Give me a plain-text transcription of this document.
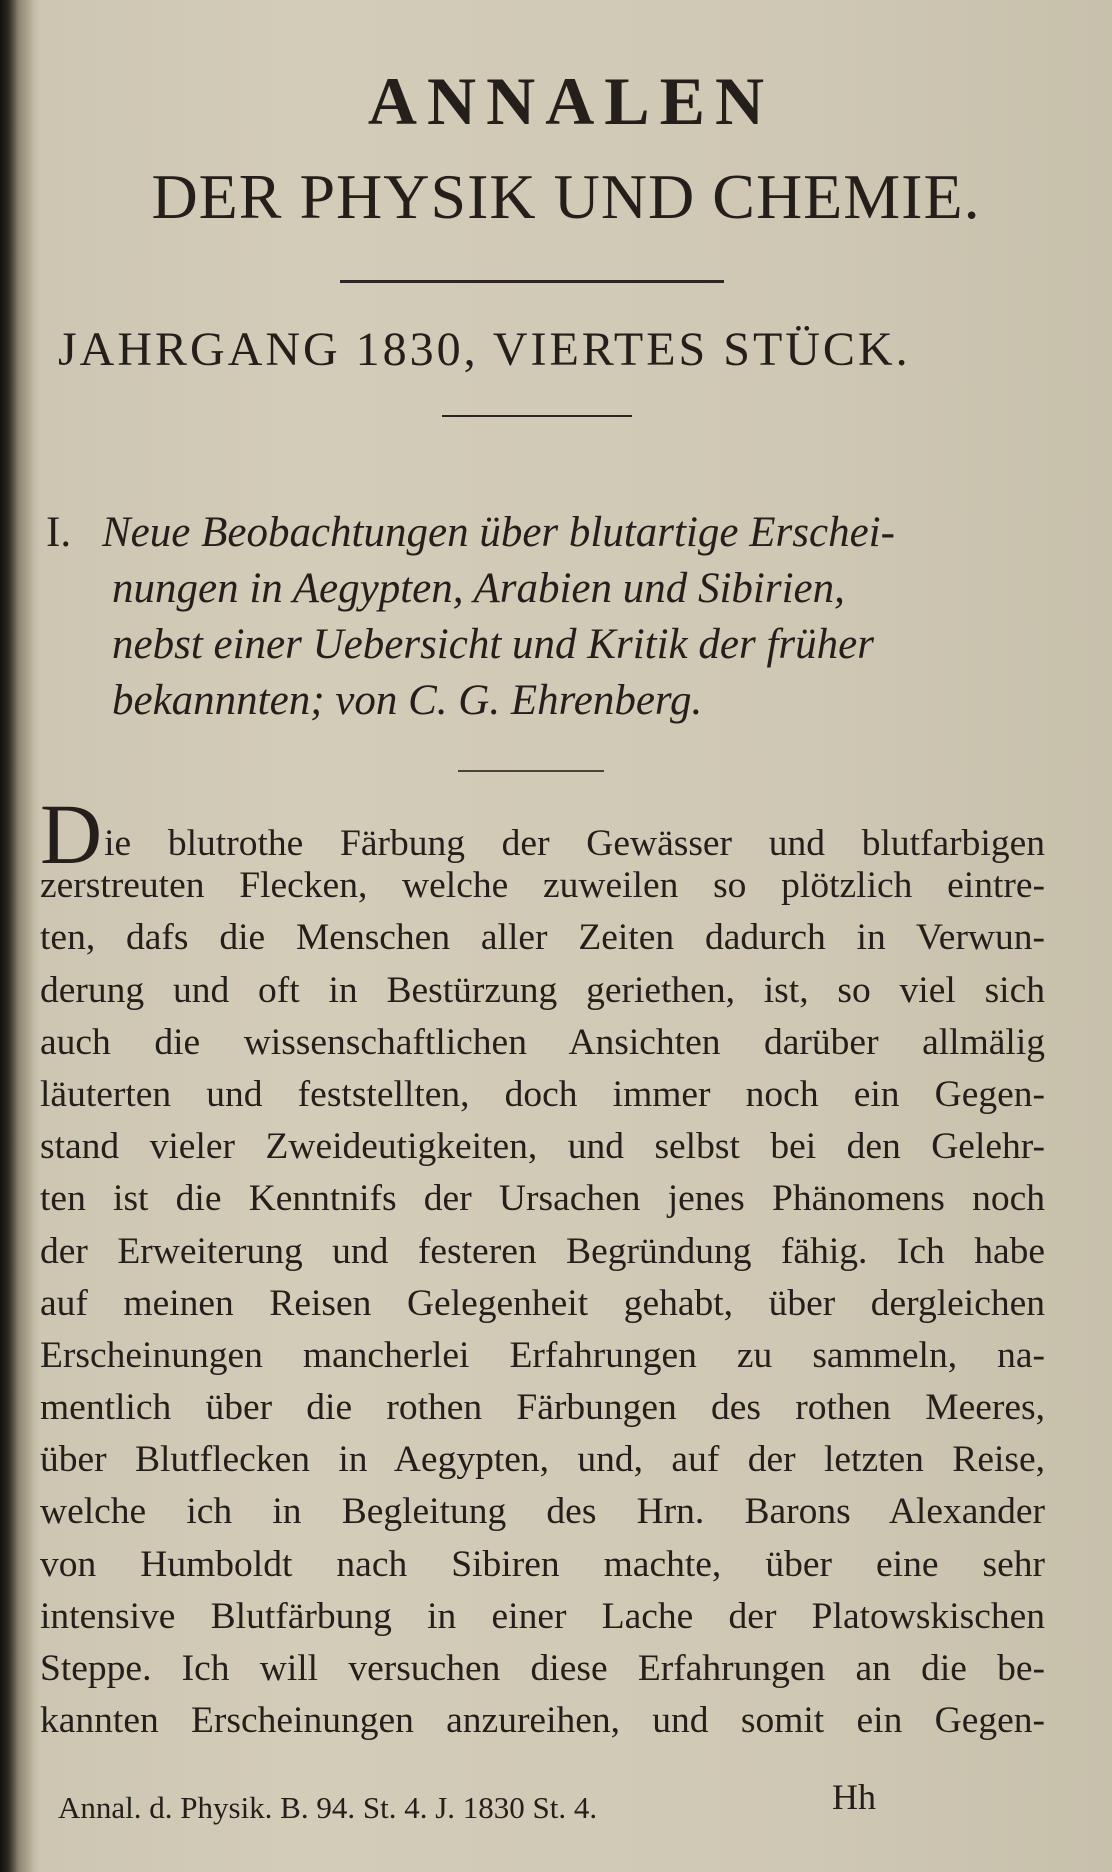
ANNALEN
DER PHYSIK UND CHEMIE.
JAHRGANG 1830, VIERTES STÜCK.
I. Neue Beobachtungen über blutartige Erschei-
nungen in Aegypten, Arabien und Sibirien,
nebst einer Uebersicht und Kritik der früher
bekannnten; von C. G. Ehrenberg.
Die blutrothe Färbung der Gewässer und blutfarbigen
zerstreuten Flecken, welche zuweilen so plötzlich eintre-
ten, dafs die Menschen aller Zeiten dadurch in Verwun-
derung und oft in Bestürzung geriethen, ist, so viel sich
auch die wissenschaftlichen Ansichten darüber allmälig
läuterten und feststellten, doch immer noch ein Gegen-
stand vieler Zweideutigkeiten, und selbst bei den Gelehr-
ten ist die Kenntnifs der Ursachen jenes Phänomens noch
der Erweiterung und festeren Begründung fähig. Ich habe
auf meinen Reisen Gelegenheit gehabt, über dergleichen
Erscheinungen mancherlei Erfahrungen zu sammeln, na-
mentlich über die rothen Färbungen des rothen Meeres,
über Blutflecken in Aegypten, und, auf der letzten Reise,
welche ich in Begleitung des Hrn. Barons Alexander
von Humboldt nach Sibiren machte, über eine sehr
intensive Blutfärbung in einer Lache der Platowskischen
Steppe. Ich will versuchen diese Erfahrungen an die be-
kannten Erscheinungen anzureihen, und somit ein Gegen-
Annal. d. Physik. B. 94. St. 4. J. 1830 St. 4.	Hh
